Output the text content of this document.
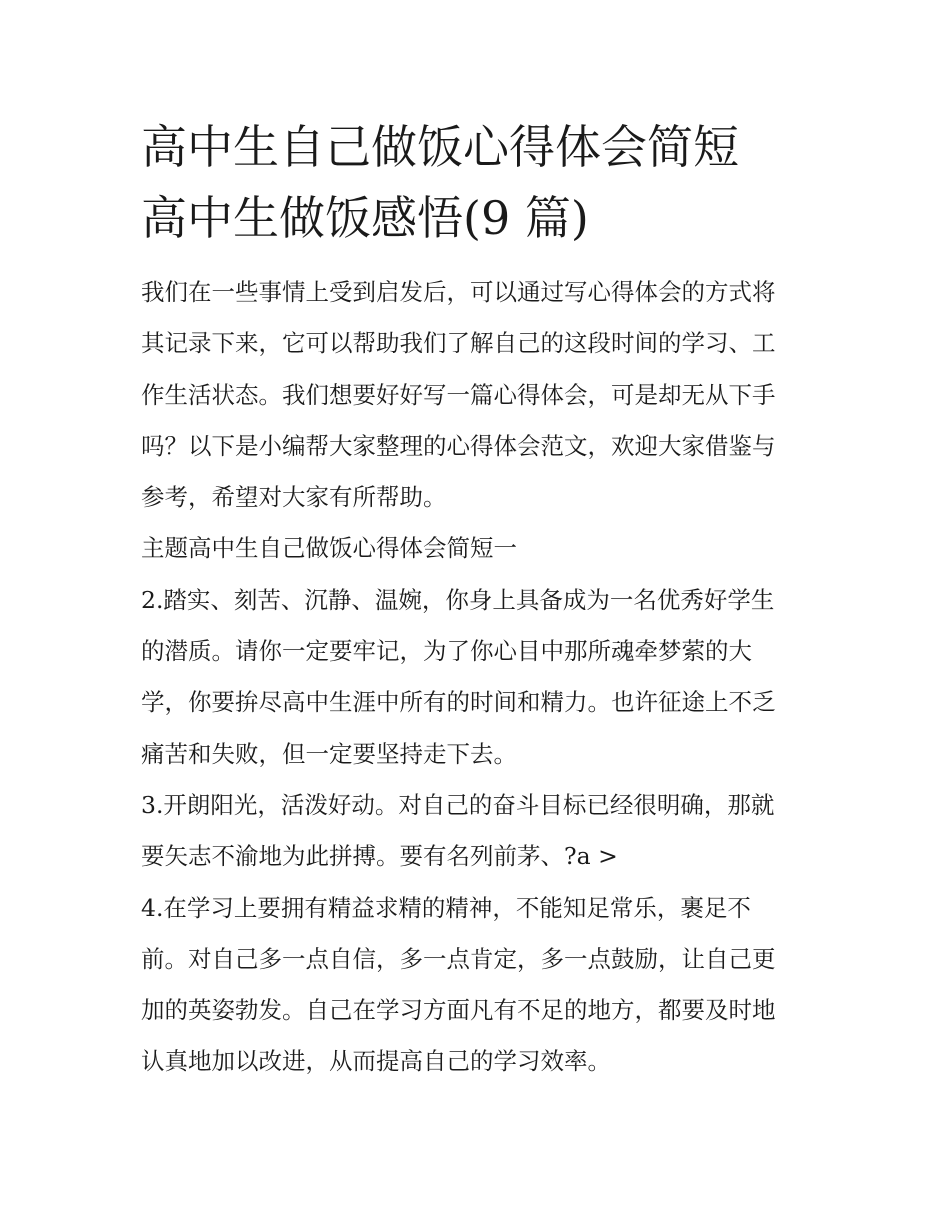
高中生自己做饭心得体会简短
高中生做饭感悟(9 篇)
我们在一些事情上受到启发后，可以通过写心得体会的方式将
其记录下来，它可以帮助我们了解自己的这段时间的学习、工
作生活状态。我们想要好好写一篇心得体会，可是却无从下手
吗？以下是小编帮大家整理的心得体会范文，欢迎大家借鉴与
参考，希望对大家有所帮助。
主题高中生自己做饭心得体会简短一
2.踏实、刻苦、沉静、温婉，你身上具备成为一名优秀好学生
的潜质。请你一定要牢记，为了你心目中那所魂牵梦萦的大
学，你要拚尽高中生涯中所有的时间和精力。也许征途上不乏
痛苦和失败，但一定要坚持走下去。
3.开朗阳光，活泼好动。对自己的奋斗目标已经很明确，那就
要矢志不渝地为此拼搏。要有名列前茅、?a >
4.在学习上要拥有精益求精的精神，不能知足常乐，裹足不
前。对自己多一点自信，多一点肯定，多一点鼓励，让自己更
加的英姿勃发。自己在学习方面凡有不足的地方，都要及时地
认真地加以改进，从而提高自己的学习效率。
